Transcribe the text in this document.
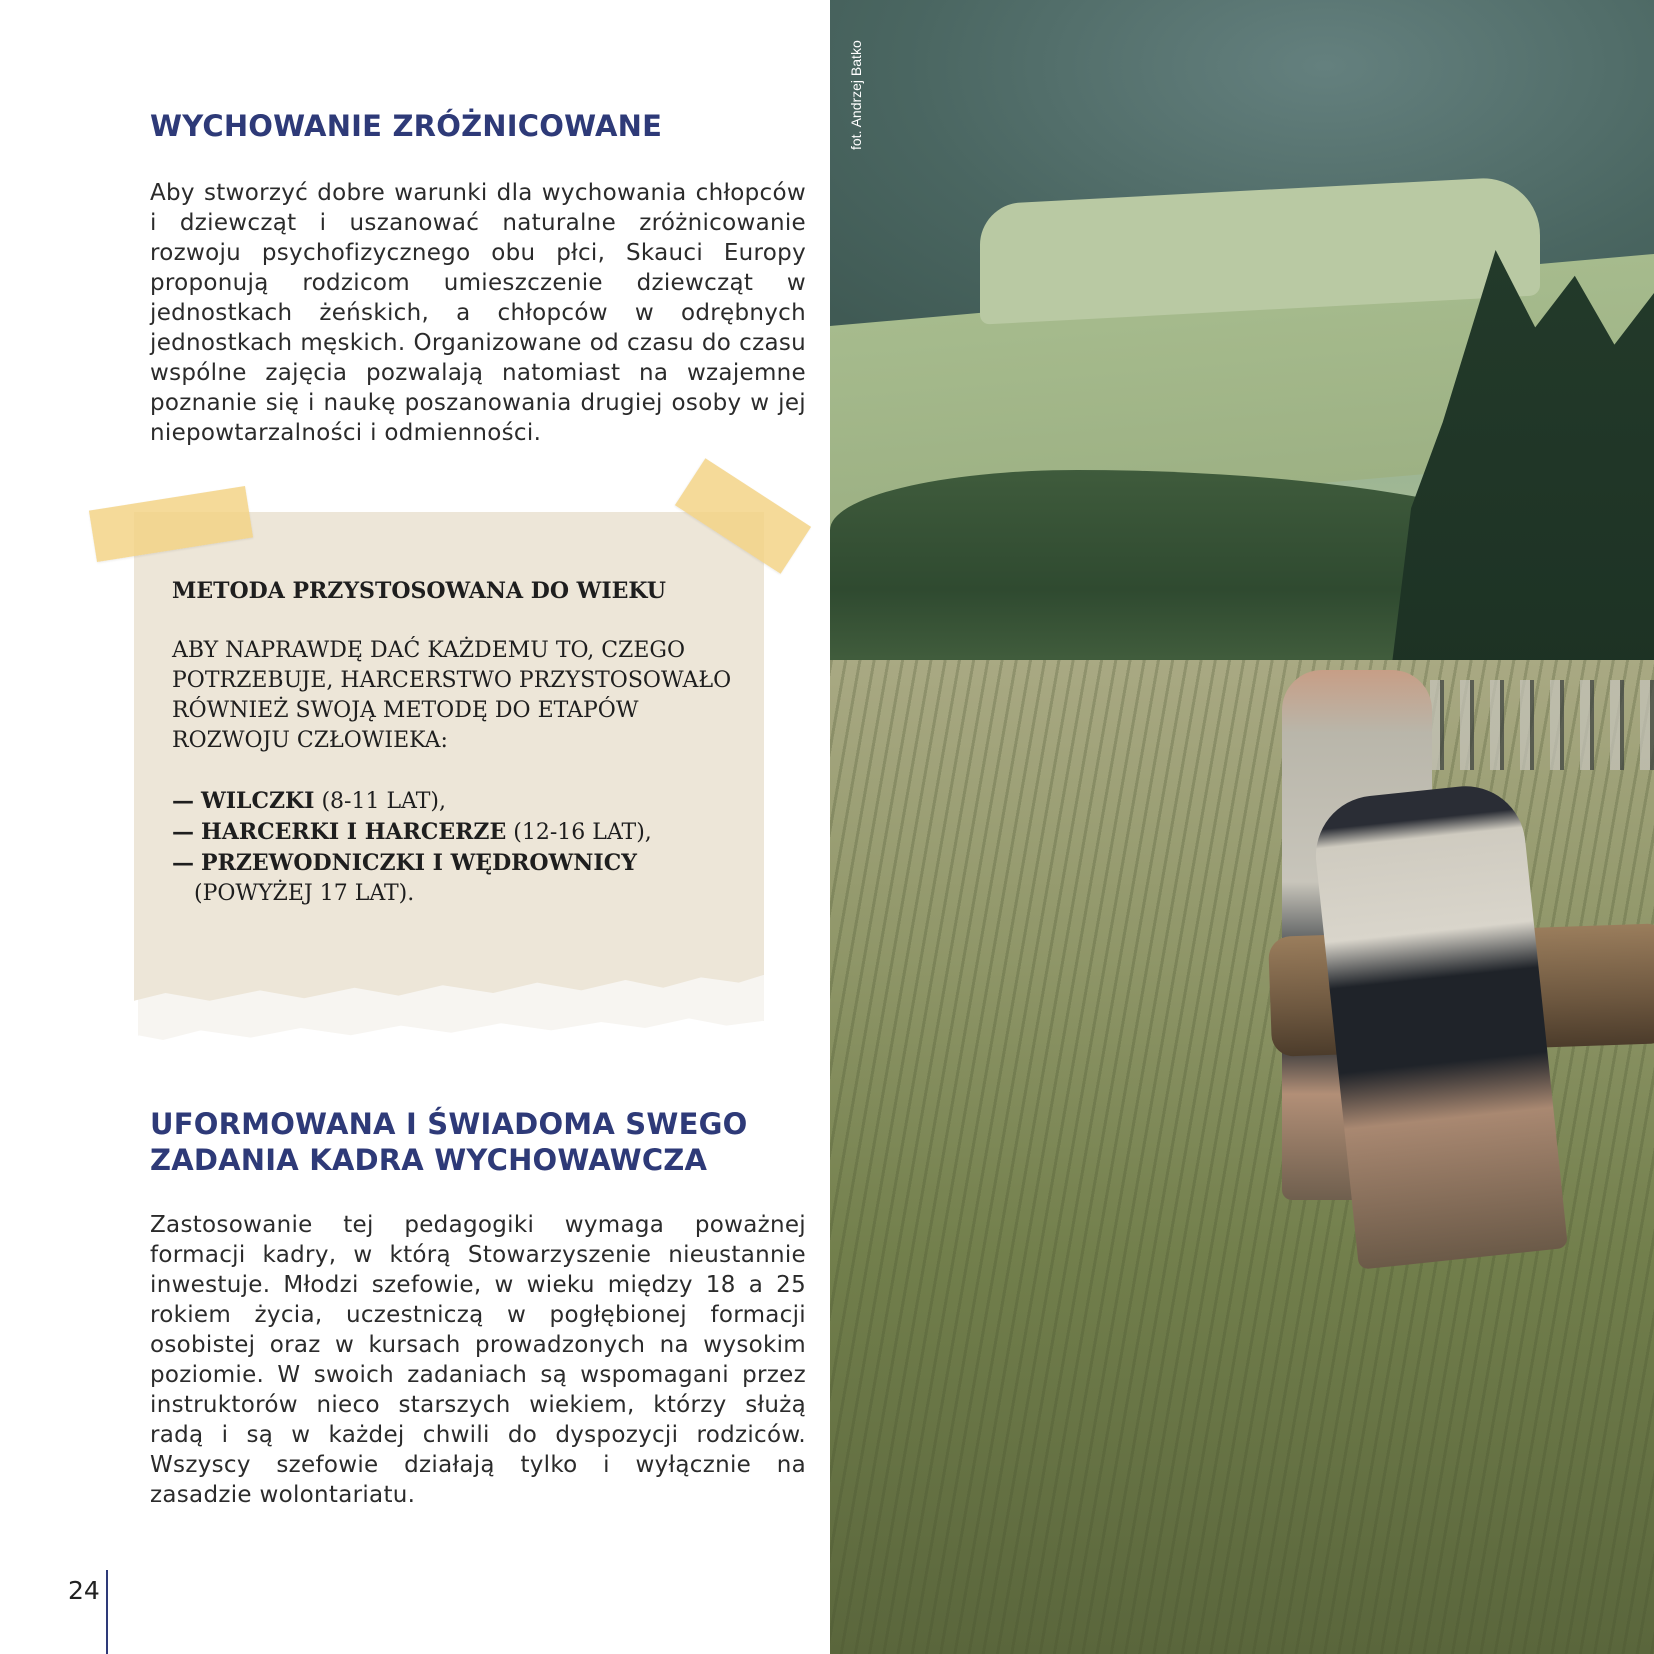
WYCHOWANIE ZRÓŻNICOWANE

Aby stworzyć dobre warunki dla wychowania chłopców i dziewcząt i uszanować naturalne zróżnicowanie rozwoju psychofizycznego obu płci, Skauci Europy proponują rodzicom umieszczenie dziewcząt w jednostkach żeńskich, a chłopców w odrębnych jednostkach męskich. Organizowane od czasu do czasu wspólne zajęcia pozwalają natomiast na wzajemne poznanie się i naukę poszanowania drugiej osoby w jej niepowtarzalności i odmienności.

METODA PRZYSTOSOWANA DO WIEKU

ABY NAPRAWDĘ DAĆ KAŻDEMU TO, CZEGO POTRZEBUJE, HARCERSTWO PRZYSTOSOWAŁO RÓWNIEŻ SWOJĄ METODĘ DO ETAPÓW ROZWOJU CZŁOWIEKA:

— WILCZKI (8-11 LAT),
— HARCERKI I HARCERZE (12-16 LAT),
— PRZEWODNICZKI I WĘDROWNICY
(POWYŻEJ 17 LAT).
UFORMOWANA I ŚWIADOMA SWEGO ZADANIA KADRA WYCHOWAWCZA

Zastosowanie tej pedagogiki wymaga poważnej formacji kadry, w którą Stowarzyszenie nieustannie inwestuje. Młodzi szefowie, w wieku między 18 a 25 rokiem życia, uczestniczą w pogłębionej formacji osobistej oraz w kursach prowadzonych na wysokim poziomie. W swoich zadaniach są wspomagani przez instruktorów nieco starszych wiekiem, którzy służą radą i są w każdej chwili do dyspozycji rodziców. Wszyscy szefowie działają tylko i wyłącznie na zasadzie wolontariatu.

24

fot. Andrzej Batko
